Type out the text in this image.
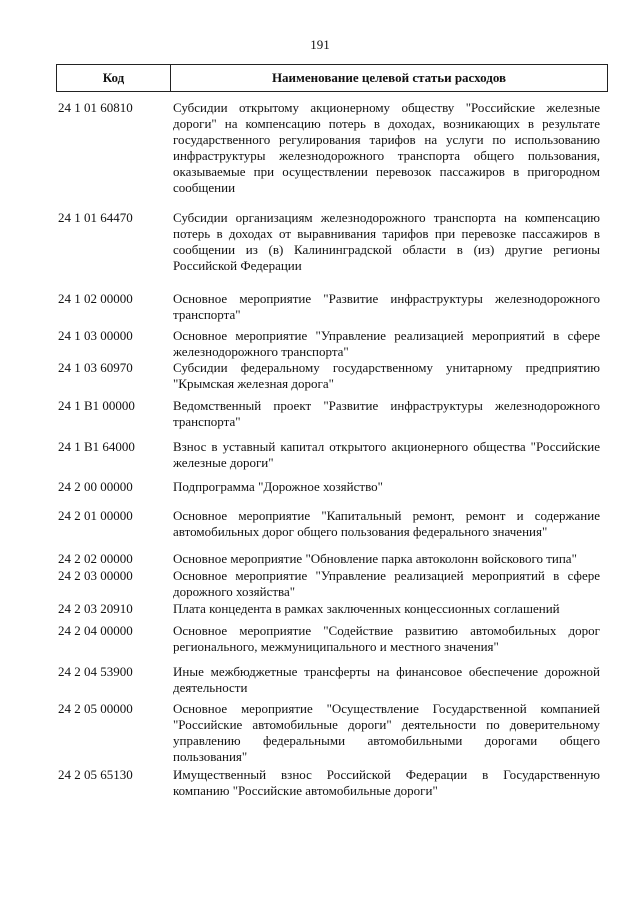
191
Код	Наименование целевой статьи расходов
24 1 01 60810	Субсидии открытому акционерному обществу "Российские железные дороги" на компенсацию потерь в доходах, возникающих в результате государственного регулирования тарифов на услуги по использованию инфраструктуры железнодорожного транспорта общего пользования, оказываемые при осуществлении перевозок пассажиров в пригородном сообщении
24 1 01 64470	Субсидии организациям железнодорожного транспорта на компенсацию потерь в доходах от выравнивания тарифов при перевозке пассажиров в сообщении из (в) Калининградской области в (из) другие регионы Российской Федерации
24 1 02 00000	Основное мероприятие "Развитие инфраструктуры железнодорожного транспорта"
24 1 03 00000	Основное мероприятие "Управление реализацией мероприятий в сфере железнодорожного транспорта"
24 1 03 60970	Субсидии федеральному государственному унитарному предприятию "Крымская железная дорога"
24 1 B1 00000	Ведомственный проект "Развитие инфраструктуры железнодорожного транспорта"
24 1 B1 64000	Взнос в уставный капитал открытого акционерного общества "Российские железные дороги"
24 2 00 00000	Подпрограмма "Дорожное хозяйство"
24 2 01 00000	Основное мероприятие "Капитальный ремонт, ремонт и содержание автомобильных дорог общего пользования федерального значения"
24 2 02 00000	Основное мероприятие "Обновление парка автоколонн войскового типа"
24 2 03 00000	Основное мероприятие "Управление реализацией мероприятий в сфере дорожного хозяйства"
24 2 03 20910	Плата концедента в рамках заключенных концессионных соглашений
24 2 04 00000	Основное мероприятие "Содействие развитию автомобильных дорог регионального, межмуниципального и местного значения"
24 2 04 53900	Иные межбюджетные трансферты на финансовое обеспечение дорожной деятельности
24 2 05 00000	Основное мероприятие "Осуществление Государственной компанией "Российские автомобильные дороги" деятельности по доверительному управлению федеральными автомобильными дорогами общего пользования"
24 2 05 65130	Имущественный взнос Российской Федерации в Государственную компанию "Российские автомобильные дороги"
